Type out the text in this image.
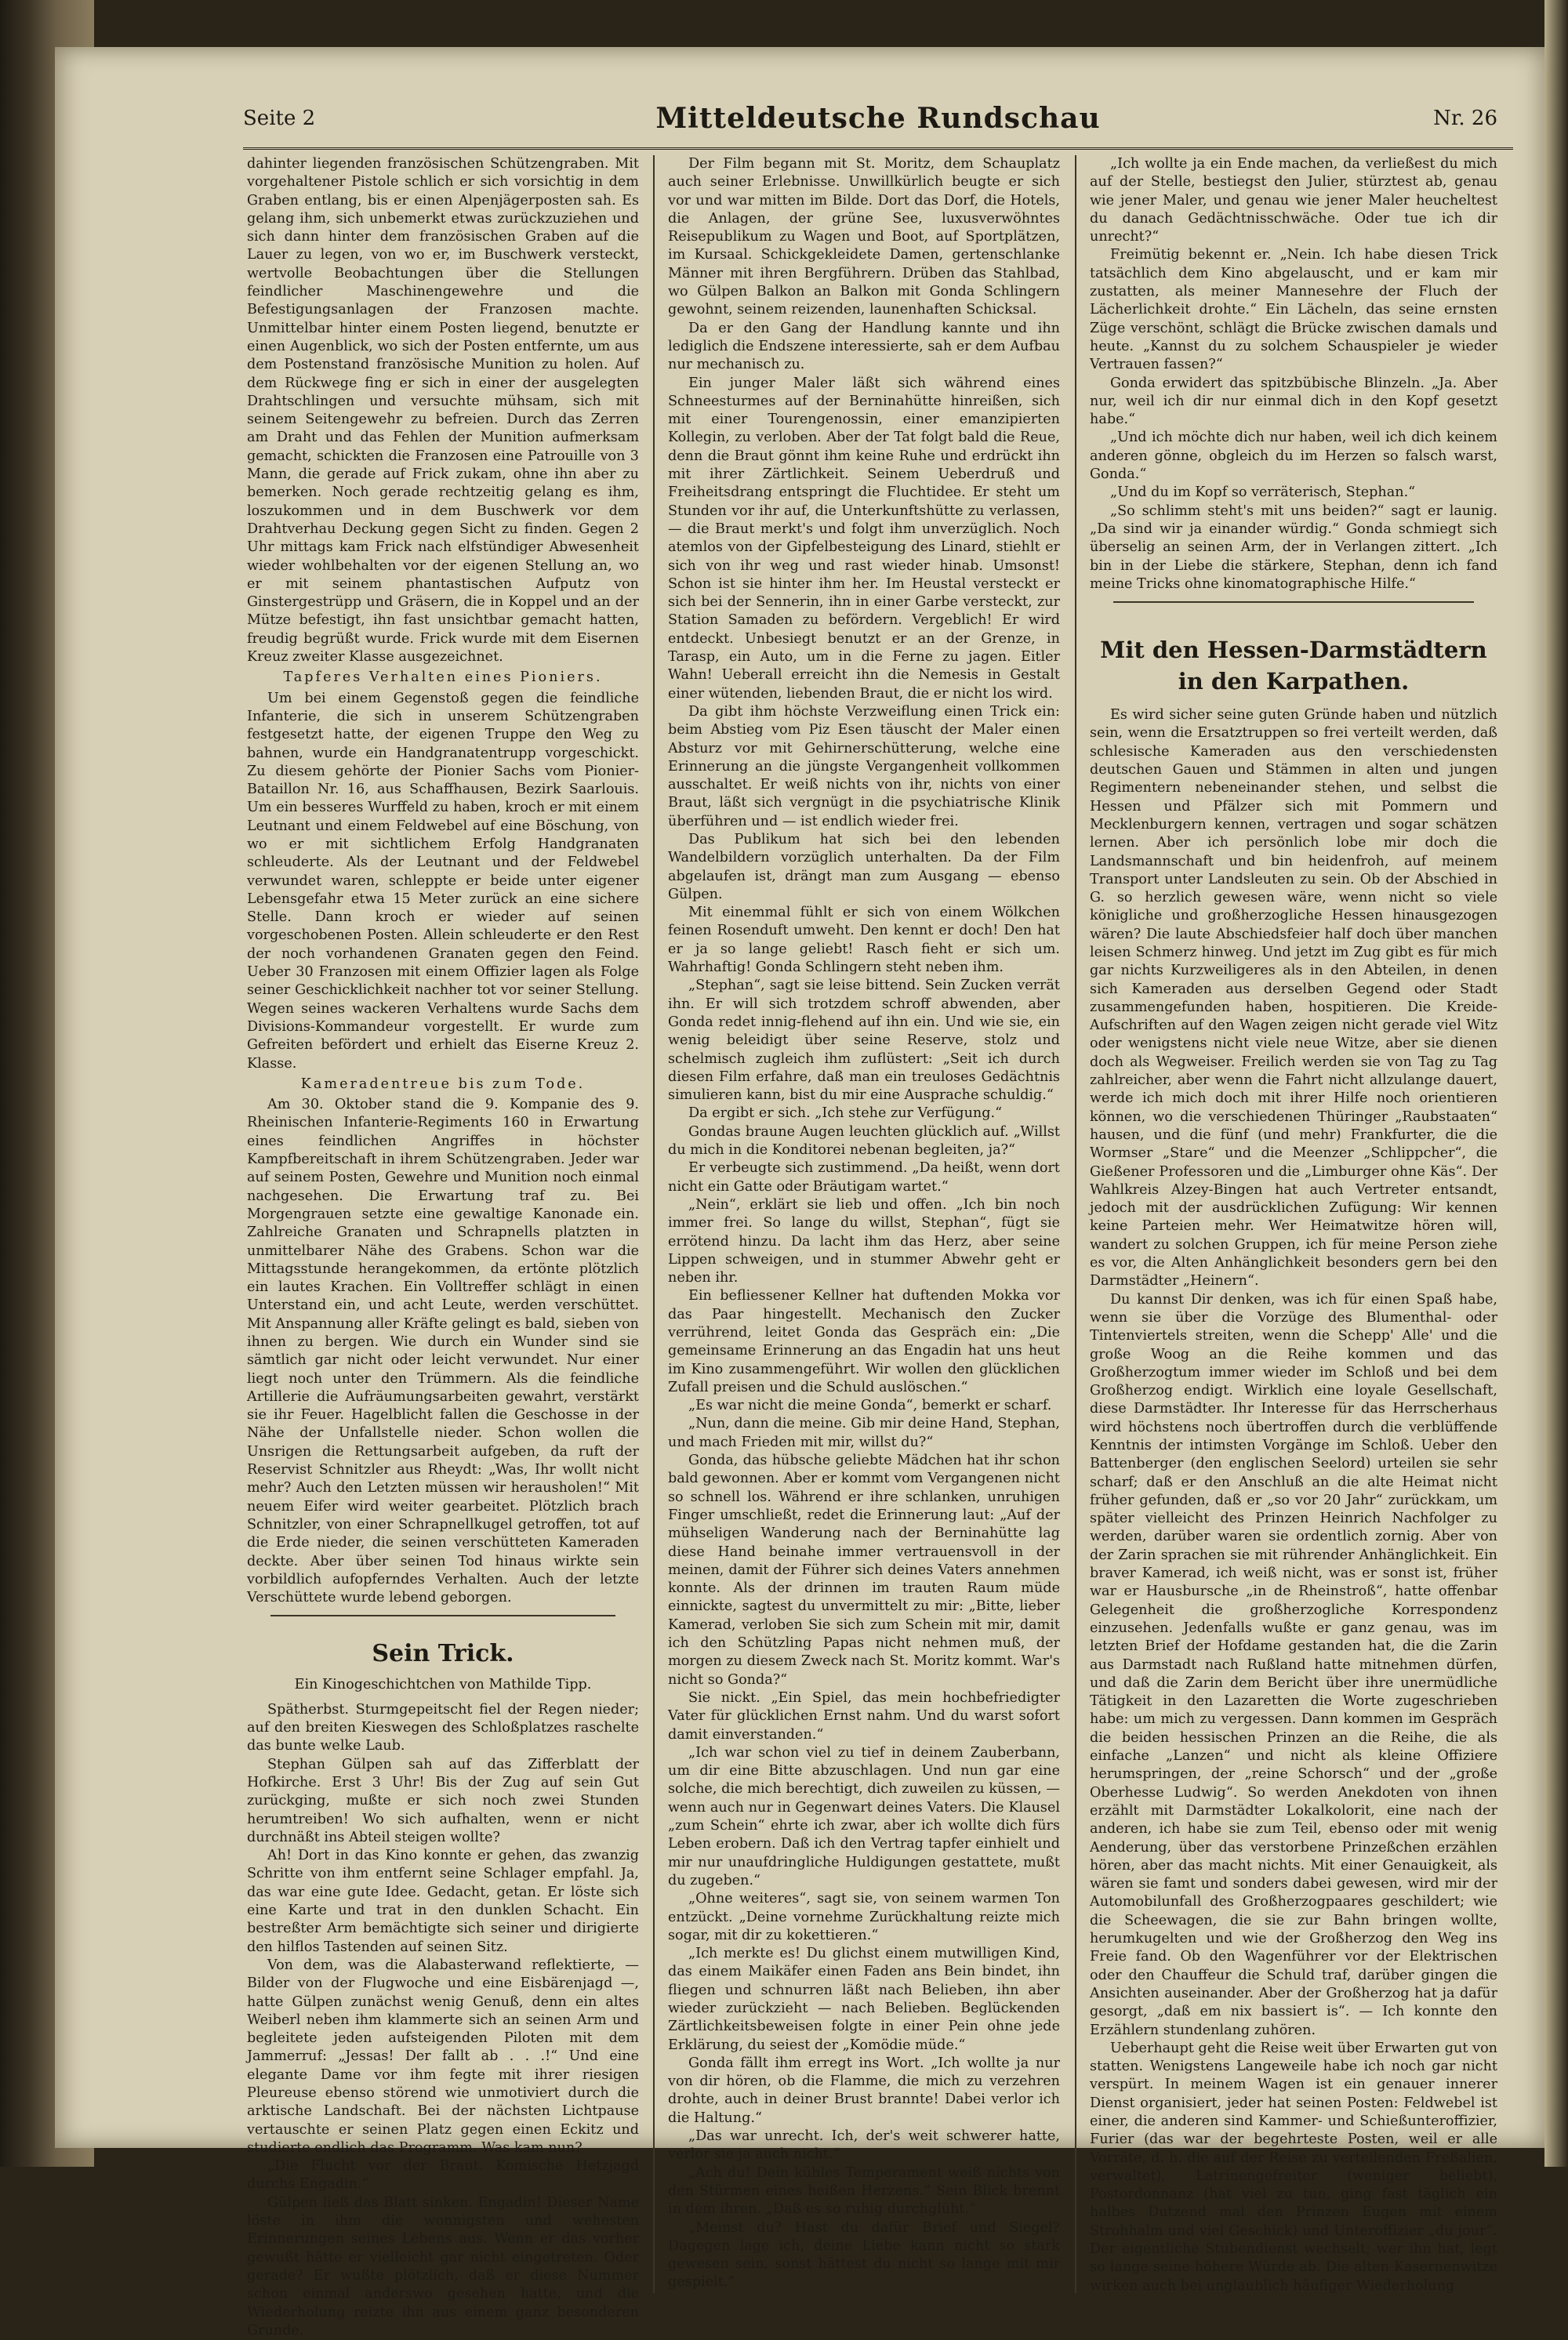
Seite 2	Mitteldeutsche Rundschau	Nr. 26

dahinter liegenden französischen Schützengraben. Mit vorgehaltener Pistole schlich er sich vorsichtig in dem Graben entlang, bis er einen Alpenjägerposten sah. Es gelang ihm, sich unbemerkt etwas zurückzuziehen und sich dann hinter dem französischen Graben auf die Lauer zu legen, von wo er, im Buschwerk versteckt, wertvolle Beobachtungen über die Stellungen feindlicher Maschinengewehre und die Befestigungsanlagen der Franzosen machte. Unmittelbar hinter einem Posten liegend, benutzte er einen Augenblick, wo sich der Posten entfernte, um aus dem Postenstand französische Munition zu holen. Auf dem Rückwege fing er sich in einer der ausgelegten Drahtschlingen und versuchte mühsam, sich mit seinem Seitengewehr zu befreien. Durch das Zerren am Draht und das Fehlen der Munition aufmerksam gemacht, schickten die Franzosen eine Patrouille von 3 Mann, die gerade auf Frick zukam, ohne ihn aber zu bemerken. Noch gerade rechtzeitig gelang es ihm, loszukommen und in dem Buschwerk vor dem Drahtverhau Deckung gegen Sicht zu finden. Gegen 2 Uhr mittags kam Frick nach elfstündiger Abwesenheit wieder wohlbehalten vor der eigenen Stellung an, wo er mit seinem phantastischen Aufputz von Ginstergestrüpp und Gräsern, die in Koppel und an der Mütze befestigt, ihn fast unsichtbar gemacht hatten, freudig begrüßt wurde. Frick wurde mit dem Eisernen Kreuz zweiter Klasse ausgezeichnet.

Tapferes Verhalten eines Pioniers.

Um bei einem Gegenstoß gegen die feindliche Infanterie, die sich in unserem Schützengraben festgesetzt hatte, der eigenen Truppe den Weg zu bahnen, wurde ein Handgranatentrupp vorgeschickt. Zu diesem gehörte der Pionier Sachs vom Pionier-Bataillon Nr. 16, aus Schaffhausen, Bezirk Saarlouis. Um ein besseres Wurffeld zu haben, kroch er mit einem Leutnant und einem Feldwebel auf eine Böschung, von wo er mit sichtlichem Erfolg Handgranaten schleuderte. Als der Leutnant und der Feldwebel verwundet waren, schleppte er beide unter eigener Lebensgefahr etwa 15 Meter zurück an eine sichere Stelle. Dann kroch er wieder auf seinen vorgeschobenen Posten. Allein schleuderte er den Rest der noch vorhandenen Granaten gegen den Feind. Ueber 30 Franzosen mit einem Offizier lagen als Folge seiner Geschicklichkeit nachher tot vor seiner Stellung. Wegen seines wackeren Verhaltens wurde Sachs dem Divisions-Kommandeur vorgestellt. Er wurde zum Gefreiten befördert und erhielt das Eiserne Kreuz 2. Klasse.

Kameradentreue bis zum Tode.

Am 30. Oktober stand die 9. Kompanie des 9. Rheinischen Infanterie-Regiments 160 in Erwartung eines feindlichen Angriffes in höchster Kampfbereitschaft in ihrem Schützengraben. Jeder war auf seinem Posten, Gewehre und Munition noch einmal nachgesehen. Die Erwartung traf zu. Bei Morgengrauen setzte eine gewaltige Kanonade ein. Zahlreiche Granaten und Schrapnells platzten in unmittelbarer Nähe des Grabens. Schon war die Mittagsstunde herangekommen, da ertönte plötzlich ein lautes Krachen. Ein Volltreffer schlägt in einen Unterstand ein, und acht Leute, werden verschüttet. Mit Anspannung aller Kräfte gelingt es bald, sieben von ihnen zu bergen. Wie durch ein Wunder sind sie sämtlich gar nicht oder leicht verwundet. Nur einer liegt noch unter den Trümmern. Als die feindliche Artillerie die Aufräumungsarbeiten gewahrt, verstärkt sie ihr Feuer. Hagelblicht fallen die Geschosse in der Nähe der Unfallstelle nieder. Schon wollen die Unsrigen die Rettungsarbeit aufgeben, da ruft der Reservist Schnitzler aus Rheydt: „Was, Ihr wollt nicht mehr? Auch den Letzten müssen wir herausholen!“ Mit neuem Eifer wird weiter gearbeitet. Plötzlich brach Schnitzler, von einer Schrapnellkugel getroffen, tot auf die Erde nieder, die seinen verschütteten Kameraden deckte. Aber über seinen Tod hinaus wirkte sein vorbildlich aufopferndes Verhalten. Auch der letzte Verschüttete wurde lebend geborgen.

Sein Trick.

Ein Kinogeschichtchen von Mathilde Tipp.

Spätherbst. Sturmgepeitscht fiel der Regen nieder; auf den breiten Kieswegen des Schloßplatzes raschelte das bunte welke Laub.

Stephan Gülpen sah auf das Zifferblatt der Hofkirche. Erst 3 Uhr! Bis der Zug auf sein Gut zurückging, mußte er sich noch zwei Stunden herumtreiben! Wo sich aufhalten, wenn er nicht durchnäßt ins Abteil steigen wollte?

Ah! Dort in das Kino konnte er gehen, das zwanzig Schritte von ihm entfernt seine Schlager empfahl. Ja, das war eine gute Idee. Gedacht, getan. Er löste sich eine Karte und trat in den dunklen Schacht. Ein bestreßter Arm bemächtigte sich seiner und dirigierte den hilflos Tastenden auf seinen Sitz.

Von dem, was die Alabasterwand reflektierte, — Bilder von der Flugwoche und eine Eisbärenjagd —, hatte Gülpen zunächst wenig Genuß, denn ein altes Weiberl neben ihm klammerte sich an seinen Arm und begleitete jeden aufsteigenden Piloten mit dem Jammerruf: „Jessas! Der fallt ab . . .!“ Und eine elegante Dame vor ihm fegte mit ihrer riesigen Pleureuse ebenso störend wie unmotiviert durch die arktische Landschaft. Bei der nächsten Lichtpause vertauschte er seinen Platz gegen einen Eckitz und studierte endlich das Programm. Was kam nun?

„Die Flucht vor der Braut. Komische Hetzjagd durchs Engadin.“

Gülpen ließ das Blatt sinken. Engadin! Dieser Name löste in ihm die wonnigsten und wehesten Erinnerungen seines Lebens aus. Wenn er das vorher gewußt hätte er vielleicht gar nicht eingetreten. Oder gerade? Er wußte plötzlich, daß er diese Nummer schon einmal anderswo gesehen hatte, und die Wiederholung reizte ihn aus einem ganz besonderen Grunde.

Der Film begann mit St. Moritz, dem Schauplatz auch seiner Erlebnisse. Unwillkürlich beugte er sich vor und war mitten im Bilde. Dort das Dorf, die Hotels, die Anlagen, der grüne See, luxusverwöhntes Reisepublikum zu Wagen und Boot, auf Sportplätzen, im Kursaal. Schickgekleidete Damen, gertenschlanke Männer mit ihren Bergführern. Drüben das Stahlbad, wo Gülpen Balkon an Balkon mit Gonda Schlingern gewohnt, seinem reizenden, launenhaften Schicksal.

Da er den Gang der Handlung kannte und ihn lediglich die Endszene interessierte, sah er dem Aufbau nur mechanisch zu.

Ein junger Maler läßt sich während eines Schneesturmes auf der Berninahütte hinreißen, sich mit einer Tourengenossin, einer emanzipierten Kollegin, zu verloben. Aber der Tat folgt bald die Reue, denn die Braut gönnt ihm keine Ruhe und erdrückt ihn mit ihrer Zärtlichkeit. Seinem Ueberdruß und Freiheitsdrang entspringt die Fluchtidee. Er steht um Stunden vor ihr auf, die Unterkunftshütte zu verlassen, — die Braut merkt's und folgt ihm unverzüglich. Noch atemlos von der Gipfelbesteigung des Linard, stiehlt er sich von ihr weg und rast wieder hinab. Umsonst! Schon ist sie hinter ihm her. Im Heustal versteckt er sich bei der Sennerin, ihn in einer Garbe versteckt, zur Station Samaden zu befördern. Vergeblich! Er wird entdeckt. Unbesiegt benutzt er an der Grenze, in Tarasp, ein Auto, um in die Ferne zu jagen. Eitler Wahn! Ueberall erreicht ihn die Nemesis in Gestalt einer wütenden, liebenden Braut, die er nicht los wird.

Da gibt ihm höchste Verzweiflung einen Trick ein: beim Abstieg vom Piz Esen täuscht der Maler einen Absturz vor mit Gehirnerschütterung, welche eine Erinnerung an die jüngste Vergangenheit vollkommen ausschaltet. Er weiß nichts von ihr, nichts von einer Braut, läßt sich vergnügt in die psychiatrische Klinik überführen und — ist endlich wieder frei.

Das Publikum hat sich bei den lebenden Wandelbildern vorzüglich unterhalten. Da der Film abgelaufen ist, drängt man zum Ausgang — ebenso Gülpen.

Mit einemmal fühlt er sich von einem Wölkchen feinen Rosenduft umweht. Den kennt er doch! Den hat er ja so lange geliebt! Rasch fieht er sich um. Wahrhaftig! Gonda Schlingern steht neben ihm.

„Stephan“, sagt sie leise bittend. Sein Zucken verrät ihn. Er will sich trotzdem schroff abwenden, aber Gonda redet innig-flehend auf ihn ein. Und wie sie, ein wenig beleidigt über seine Reserve, stolz und schelmisch zugleich ihm zuflüstert: „Seit ich durch diesen Film erfahre, daß man ein treuloses Gedächtnis simulieren kann, bist du mir eine Ausprache schuldig.“

Da ergibt er sich. „Ich stehe zur Verfügung.“

Gondas braune Augen leuchten glücklich auf. „Willst du mich in die Konditorei nebenan begleiten, ja?“

Er verbeugte sich zustimmend. „Da heißt, wenn dort nicht ein Gatte oder Bräutigam wartet.“

„Nein“, erklärt sie lieb und offen. „Ich bin noch immer frei. So lange du willst, Stephan“, fügt sie errötend hinzu. Da lacht ihm das Herz, aber seine Lippen schweigen, und in stummer Abwehr geht er neben ihr.

Ein befliessener Kellner hat duftenden Mokka vor das Paar hingestellt. Mechanisch den Zucker verrührend, leitet Gonda das Gespräch ein: „Die gemeinsame Erinnerung an das Engadin hat uns heut im Kino zusammengeführt. Wir wollen den glücklichen Zufall preisen und die Schuld auslöschen.“

„Es war nicht die meine Gonda“, bemerkt er scharf.

„Nun, dann die meine. Gib mir deine Hand, Stephan, und mach Frieden mit mir, willst du?“

Gonda, das hübsche geliebte Mädchen hat ihr schon bald gewonnen. Aber er kommt vom Vergangenen nicht so schnell los. Während er ihre schlanken, unruhigen Finger umschließt, redet die Erinnerung laut: „Auf der mühseligen Wanderung nach der Berninahütte lag diese Hand beinahe immer vertrauensvoll in der meinen, damit der Führer sich deines Vaters annehmen konnte. Als der drinnen im trauten Raum müde einnickte, sagtest du unvermittelt zu mir: „Bitte, lieber Kamerad, verloben Sie sich zum Schein mit mir, damit ich den Schützling Papas nicht nehmen muß, der morgen zu diesem Zweck nach St. Moritz kommt. War's nicht so Gonda?“

Sie nickt. „Ein Spiel, das mein hochbefriedigter Vater für glücklichen Ernst nahm. Und du warst sofort damit einverstanden.“

„Ich war schon viel zu tief in deinem Zauberbann, um dir eine Bitte abzuschlagen. Und nun gar eine solche, die mich berechtigt, dich zuweilen zu küssen, — wenn auch nur in Gegenwart deines Vaters. Die Klausel „zum Schein“ ehrte ich zwar, aber ich wollte dich fürs Leben erobern. Daß ich den Vertrag tapfer einhielt und mir nur unaufdringliche Huldigungen gestattete, mußt du zugeben.“

„Ohne weiteres“, sagt sie, von seinem warmen Ton entzückt. „Deine vornehme Zurückhaltung reizte mich sogar, mit dir zu kokettieren.“

„Ich merkte es! Du glichst einem mutwilligen Kind, das einem Maikäfer einen Faden ans Bein bindet, ihn fliegen und schnurren läßt nach Belieben, ihn aber wieder zurückzieht — nach Belieben. Beglückenden Zärtlichkeitsbeweisen folgte in einer Pein ohne jede Erklärung, du seiest der „Komödie müde.“

Gonda fällt ihm erregt ins Wort. „Ich wollte ja nur von dir hören, ob die Flamme, die mich zu verzehren drohte, auch in deiner Brust brannte! Dabei verlor ich die Haltung.“

„Das war unrecht. Ich, der's weit schwerer hatte, verlor sie ja auch nicht.“

„Ach du! Dein kühles Temperament weiß nichts von den Stürmen eines heißen Herzens.“ Sein Blick brennt in dem ihren. „Daß es so ruhig durchglüht.“

„Meinst du? Hast du dafür Brief und Siegel? Dagegen lage ich, deine Liebe kann nicht so stark gewesen sein, sonst hättest du nicht so lange mit mir gespielt.“

„Ich wollte ja ein Ende machen, da verließest du mich auf der Stelle, bestiegst den Julier, stürztest ab, genau wie jener Maler, und genau wie jener Maler heucheltest du danach Gedächtnisschwäche. Oder tue ich dir unrecht?“

Freimütig bekennt er. „Nein. Ich habe diesen Trick tatsächlich dem Kino abgelauscht, und er kam mir zustatten, als meiner Mannesehre der Fluch der Lächerlichkeit drohte.“ Ein Lächeln, das seine ernsten Züge verschönt, schlägt die Brücke zwischen damals und heute. „Kannst du zu solchem Schauspieler je wieder Vertrauen fassen?“

Gonda erwidert das spitzbübische Blinzeln. „Ja. Aber nur, weil ich dir nur einmal dich in den Kopf gesetzt habe.“

„Und ich möchte dich nur haben, weil ich dich keinem anderen gönne, obgleich du im Herzen so falsch warst, Gonda.“

„Und du im Kopf so verräterisch, Stephan.“

„So schlimm steht's mit uns beiden?“ sagt er launig. „Da sind wir ja einander würdig.“ Gonda schmiegt sich überselig an seinen Arm, der in Verlangen zittert. „Ich bin in der Liebe die stärkere, Stephan, denn ich fand meine Tricks ohne kinomatographische Hilfe.“

Mit den Hessen-Darmstädtern in den Karpathen.

Es wird sicher seine guten Gründe haben und nützlich sein, wenn die Ersatztruppen so frei verteilt werden, daß schlesische Kameraden aus den verschiedensten deutschen Gauen und Stämmen in alten und jungen Regimentern nebeneinander stehen, und selbst die Hessen und Pfälzer sich mit Pommern und Mecklenburgern kennen, vertragen und sogar schätzen lernen. Aber ich persönlich lobe mir doch die Landsmannschaft und bin heidenfroh, auf meinem Transport unter Landsleuten zu sein. Ob der Abschied in G. so herzlich gewesen wäre, wenn nicht so viele königliche und großherzogliche Hessen hinausgezogen wären? Die laute Abschiedsfeier half doch über manchen leisen Schmerz hinweg. Und jetzt im Zug gibt es für mich gar nichts Kurzweiligeres als in den Abteilen, in denen sich Kameraden aus derselben Gegend oder Stadt zusammengefunden haben, hospitieren. Die Kreide-Aufschriften auf den Wagen zeigen nicht gerade viel Witz oder wenigstens nicht viele neue Witze, aber sie dienen doch als Wegweiser. Freilich werden sie von Tag zu Tag zahlreicher, aber wenn die Fahrt nicht allzulange dauert, werde ich mich doch mit ihrer Hilfe noch orientieren können, wo die verschiedenen Thüringer „Raubstaaten“ hausen, und die fünf (und mehr) Frankfurter, die die Wormser „Stare“ und die Meenzer „Schlippcher“, die Gießener Professoren und die „Limburger ohne Käs“. Der Wahlkreis Alzey-Bingen hat auch Vertreter entsandt, jedoch mit der ausdrücklichen Zufügung: Wir kennen keine Parteien mehr. Wer Heimatwitze hören will, wandert zu solchen Gruppen, ich für meine Person ziehe es vor, die Alten Anhänglichkeit besonders gern bei den Darmstädter „Heinern“.

Du kannst Dir denken, was ich für einen Spaß habe, wenn sie über die Vorzüge des Blumenthal- oder Tintenviertels streiten, wenn die Schepp' Alle' und die große Woog an die Reihe kommen und das Großherzogtum immer wieder im Schloß und bei dem Großherzog endigt. Wirklich eine loyale Gesellschaft, diese Darmstädter. Ihr Interesse für das Herrscherhaus wird höchstens noch übertroffen durch die verblüffende Kenntnis der intimsten Vorgänge im Schloß. Ueber den Battenberger (den englischen Seelord) urteilen sie sehr scharf; daß er den Anschluß an die alte Heimat nicht früher gefunden, daß er „so vor 20 Jahr“ zurückkam, um später vielleicht des Prinzen Heinrich Nachfolger zu werden, darüber waren sie ordentlich zornig. Aber von der Zarin sprachen sie mit rührender Anhänglichkeit. Ein braver Kamerad, ich weiß nicht, was er sonst ist, früher war er Hausbursche „in de Rheinstroß“, hatte offenbar Gelegenheit die großherzogliche Korrespondenz einzusehen. Jedenfalls wußte er ganz genau, was im letzten Brief der Hofdame gestanden hat, die die Zarin aus Darmstadt nach Rußland hatte mitnehmen dürfen, und daß die Zarin dem Bericht über ihre unermüdliche Tätigkeit in den Lazaretten die Worte zugeschrieben habe: um mich zu vergessen. Dann kommen im Gespräch die beiden hessischen Prinzen an die Reihe, die als einfache „Lanzen“ und nicht als kleine Offiziere herumspringen, der „reine Schorsch“ und der „große Oberhesse Ludwig“. So werden Anekdoten von ihnen erzählt mit Darmstädter Lokalkolorit, eine nach der anderen, ich habe sie zum Teil, ebenso oder mit wenig Aenderung, über das verstorbene Prinzeßchen erzählen hören, aber das macht nichts. Mit einer Genauigkeit, als wären sie famt und sonders dabei gewesen, wird mir der Automobilunfall des Großherzogpaares geschildert; wie die Scheewagen, die sie zur Bahn bringen wollte, herumkugelten und wie der Großherzog den Weg ins Freie fand. Ob den Wagenführer vor der Elektrischen oder den Chauffeur die Schuld traf, darüber gingen die Ansichten auseinander. Aber der Großherzog hat ja dafür gesorgt, „daß em nix bassiert is“. — Ich konnte den Erzählern stundenlang zuhören.

Ueberhaupt geht die Reise weit über Erwarten gut von statten. Wenigstens Langeweile habe ich noch gar nicht verspürt. In meinem Wagen ist ein genauer innerer Dienst organisiert, jeder hat seinen Posten: Feldwebel ist einer, die anderen sind Kammer- und Schießunteroffizier, Furier (das war der begehrteste Posten, weil er alle Vorräte, d. h. die auf der Reise zu verteilenden Freßalien, verwaltet), Latrinengefreiter (weniger beliebt), Postordonnanz (hat viel zu tun, ging fast täglich ein halbes Dutzend mal den Prinzen Eugen mit einem Strohhalm und viel Geschick) und Unteroffizier „du jour“. Der eigentliche Stubendienst wechselt; wer ihn hat, legt so lange seine höhere Würde ab. Die alten Kasernenwitze wirken auch bei unglaublich häufiger Wiederholung
